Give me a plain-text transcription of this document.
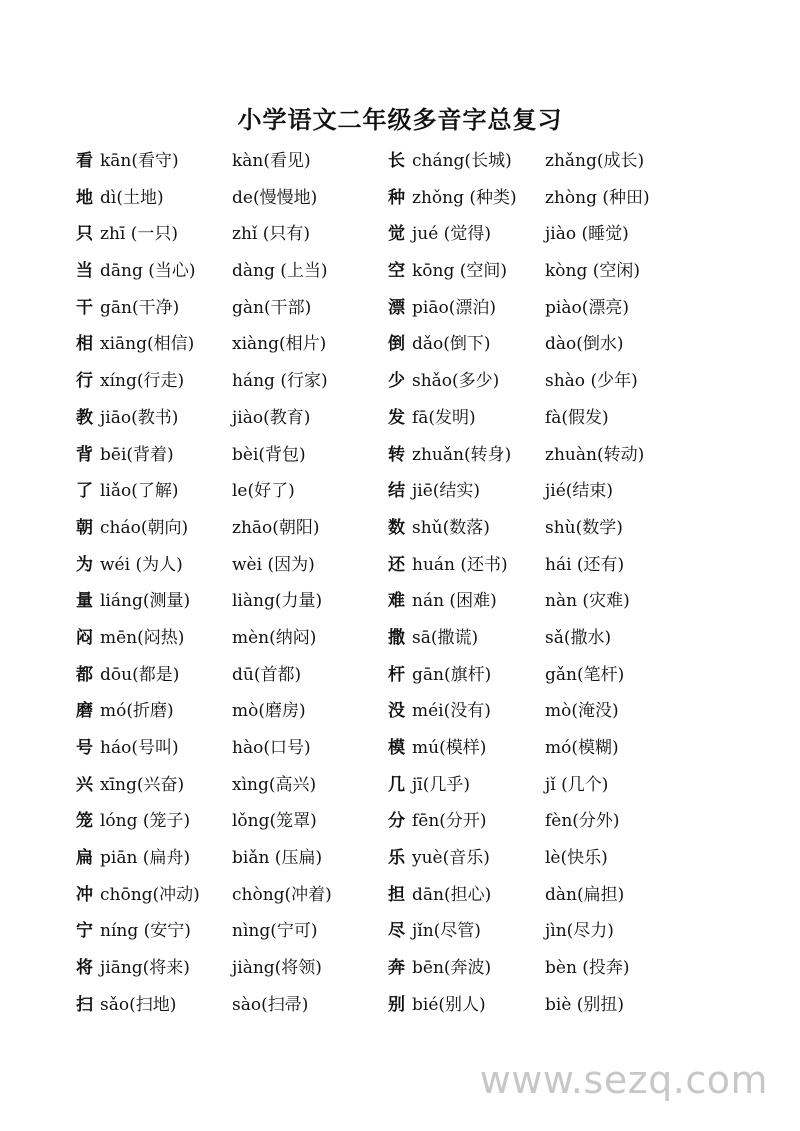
小学语文二年级多音字总复习
看 kān(看守)	kàn(看见)	长 cháng(长城) zhǎng(成长)
地 dì(土地)	de(慢慢地)	种 zhǒng (种类) zhòng (种田)
只 zhī (一只)	zhǐ (只有)	觉 jué (觉得)	jiào (睡觉)
当 dāng (当心) dàng (上当)	空 kōng (空间) kòng (空闲)
干 gān(干净)	gàn(干部)	漂 piāo(漂泊)	piào(漂亮)
相 xiāng(相信) xiàng(相片)	倒 dǎo(倒下)	dào(倒水)
行 xíng(行走)	háng (行家)	少 shǎo(多少)	shào (少年)
教 jiāo(教书)	jiào(教育)	发 fā(发明)	fà(假发)
背 bēi(背着)	bèi(背包)	转 zhuǎn(转身) zhuàn(转动)
了 liǎo(了解)	le(好了)	结 jiē(结实)	jié(结束)
朝 cháo(朝向)	zhāo(朝阳)	数 shǔ(数落)	shù(数学)
为 wéi (为人)	wèi (因为)	还 huán (还书) hái (还有)
量 liáng(测量) liàng(力量)	难 nán (困难)	nàn (灾难)
闷 mēn(闷热)	mèn(纳闷)	撒 sā(撒谎)	sǎ(撒水)
都 dōu(都是)	dū(首都)	杆 gān(旗杆)	gǎn(笔杆)
磨 mó(折磨)	mò(磨房)	没 méi(没有)	mò(淹没)
号 háo(号叫)	hào(口号)	模 mú(模样)	mó(模糊)
兴 xīng(兴奋)	xìng(高兴)	几 jī(几乎)	jǐ (几个)
笼 lóng (笼子) lǒng(笼罩)	分 fēn(分开)	fèn(分外)
扁 piān (扁舟) biǎn (压扁)	乐 yuè(音乐)	lè(快乐)
冲 chōng(冲动) chòng(冲着)	担 dān(担心)	dàn(扁担)
宁 níng (安宁) nìng(宁可)	尽 jǐn(尽管)	jìn(尽力)
将 jiāng(将来) jiàng(将领)	奔 bēn(奔波)	bèn (投奔)
扫 sǎo(扫地)	sào(扫帚)	别 bié(别人)	biè (别扭)
www.sezq.com
